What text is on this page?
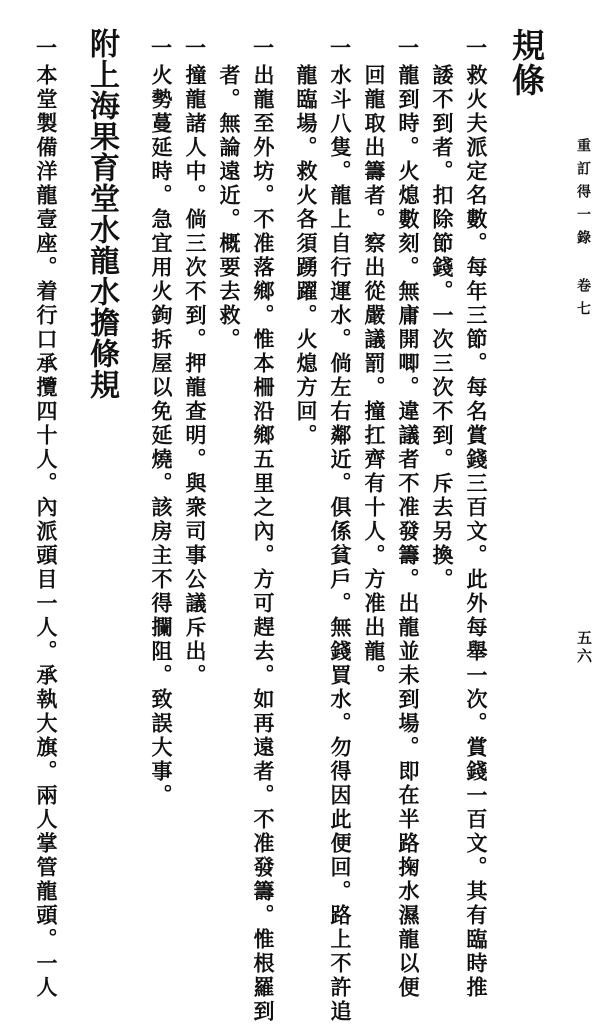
重訂得一錄 卷七
五六
規條
一
救火夫派定名數。每年三節。每名賞錢三百文。此外每舉一次。賞錢一百文。其有臨時推
諉不到者。扣除節錢。一次三次不到。斥去另換。
一
龍到時。火熄數刻。無庸開唧。違議者不准發籌。出龍並未到場。即在半路掬水濕龍以便
回龍取出籌者。察出從嚴議罰。撞扛齊有十人。方准出龍。
一
水斗八隻。龍上自行運水。倘左右鄰近。俱係貧戶。無錢買水。勿得因此便回。路上不許追
龍臨場。救火各須踴躍。火熄方回。
一
出龍至外坊。不准落鄉。惟本柵沿鄉五里之內。方可趕去。如再遠者。不准發籌。惟根羅到
者。無論遠近。概要去救。
一
撞龍諸人中。倘三次不到。押龍查明。與衆司事公議斥出。
一
火勢蔓延時。急宜用火鉤拆屋以免延燒。該房主不得攔阻。致誤大事。
附上海果育堂水龍水擔條規
一
本堂製備洋龍壹座。着行口承攬四十人。內派頭目一人。承執大旗。兩人掌管龍頭。一人
